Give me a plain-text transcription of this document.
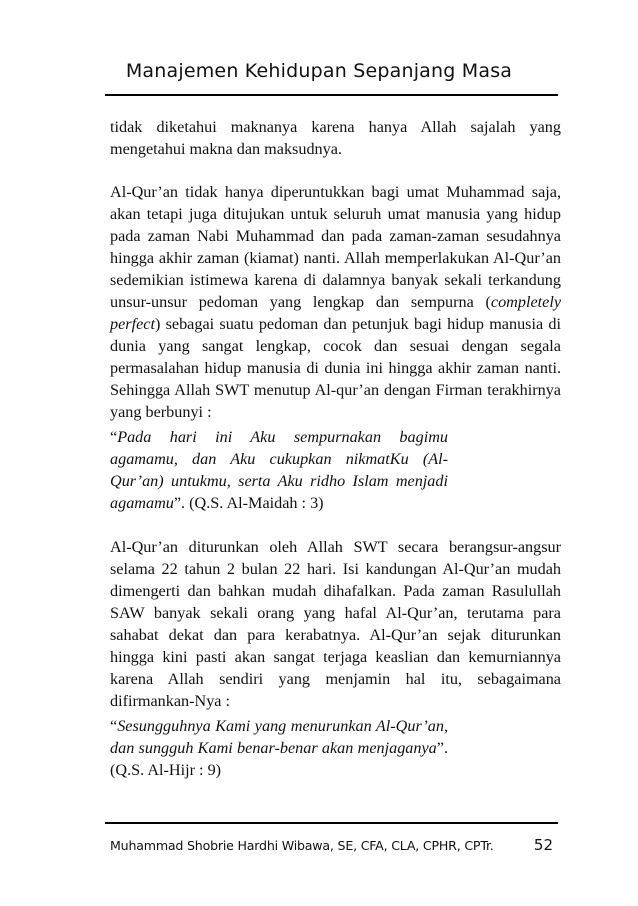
Manajemen Kehidupan Sepanjang Masa

tidak diketahui maknanya karena hanya Allah sajalah yang mengetahui makna dan maksudnya.

Al-Qur’an tidak hanya diperuntukkan bagi umat Muhammad saja, akan tetapi juga ditujukan untuk seluruh umat manusia yang hidup pada zaman Nabi Muhammad dan pada zaman-zaman sesudahnya hingga akhir zaman (kiamat) nanti. Allah memperlakukan Al-Qur’an sedemikian istimewa karena di dalamnya banyak sekali terkandung unsur-unsur pedoman yang lengkap dan sempurna (completely perfect) sebagai suatu pedoman dan petunjuk bagi hidup manusia di dunia yang sangat lengkap, cocok dan sesuai dengan segala permasalahan hidup manusia di dunia ini hingga akhir zaman nanti. Sehingga Allah SWT menutup Al-qur’an dengan Firman terakhirnya yang berbunyi :

“Pada hari ini Aku sempurnakan bagimu agamamu, dan Aku cukupkan nikmatKu (Al-Qur’an) untukmu, serta Aku ridho Islam menjadi agamamu”. (Q.S. Al-Maidah : 3)

Al-Qur’an diturunkan oleh Allah SWT secara berangsur-angsur selama 22 tahun 2 bulan 22 hari. Isi kandungan Al-Qur’an mudah dimengerti dan bahkan mudah dihafalkan. Pada zaman Rasulullah SAW banyak sekali orang yang hafal Al-Qur’an, terutama para sahabat dekat dan para kerabatnya. Al-Qur’an sejak diturunkan hingga kini pasti akan sangat terjaga keaslian dan kemurniannya karena Allah sendiri yang menjamin hal itu, sebagaimana difirmankan-Nya :

“Sesungguhnya Kami yang menurunkan Al-Qur’an, dan sungguh Kami benar-benar akan menjaganya”. (Q.S. Al-Hijr : 9)

Muhammad Shobrie Hardhi Wibawa, SE, CFA, CLA, CPHR, CPTr.	52
